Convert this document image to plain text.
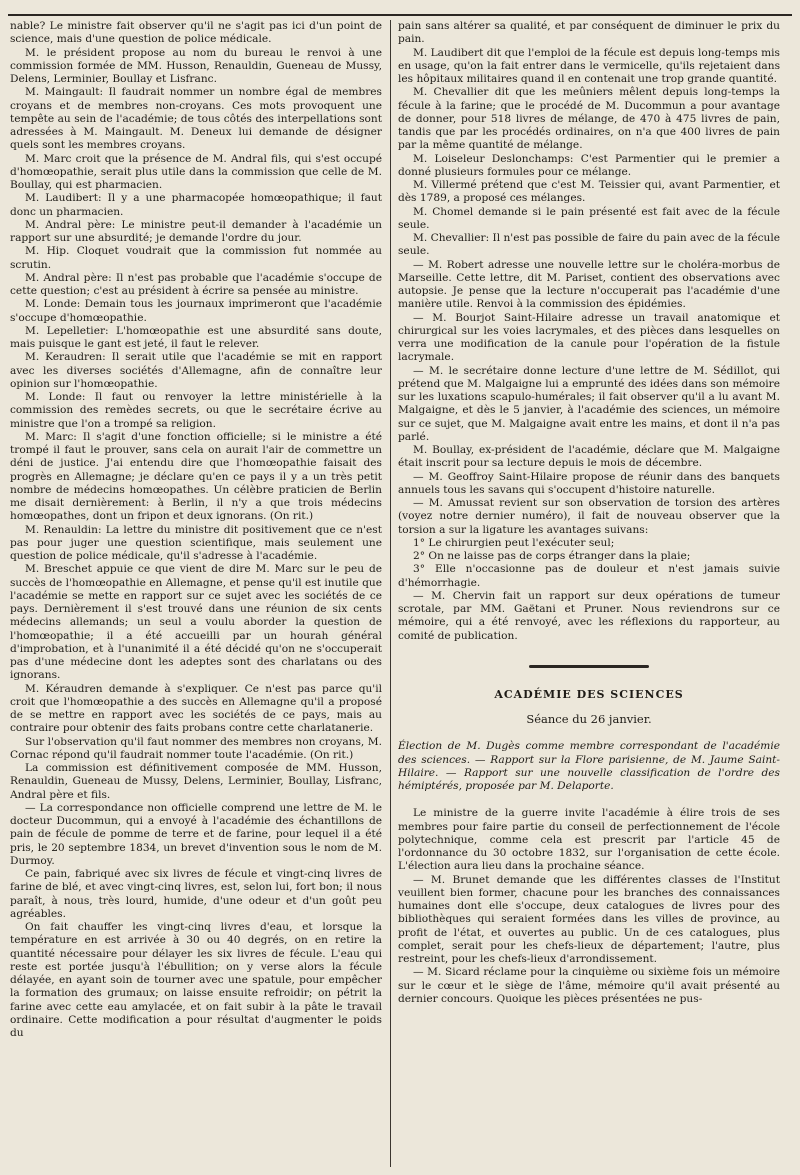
nable? Le ministre fait observer qu'il ne s'agit pas ici d'un point de science, mais d'une question de police médicale.

M. le président propose au nom du bureau le renvoi à une commission formée de MM. Husson, Renauldin, Gueneau de Mussy, Delens, Lerminier, Boullay et Lisfranc.

M. Maingault: Il faudrait nommer un nombre égal de membres croyans et de membres non-croyans. Ces mots provoquent une tempête au sein de l'académie; de tous côtés des interpellations sont adressées à M. Maingault. M. Deneux lui demande de désigner quels sont les membres croyans.

M. Marc croit que la présence de M. Andral fils, qui s'est occupé d'homœopathie, serait plus utile dans la commission que celle de M. Boullay, qui est pharmacien.

M. Laudibert: Il y a une pharmacopée homœopathique; il faut donc un pharmacien.

M. Andral père: Le ministre peut-il demander à l'académie un rapport sur une absurdité; je demande l'ordre du jour.

M. Hip. Cloquet voudrait que la commission fut nommée au scrutin.

M. Andral père: Il n'est pas probable que l'académie s'occupe de cette question; c'est au président à écrire sa pensée au ministre.

M. Londe: Demain tous les journaux imprimeront que l'académie s'occupe d'homœopathie.

M. Lepelletier: L'homœopathie est une absurdité sans doute, mais puisque le gant est jeté, il faut le relever.

M. Keraudren: Il serait utile que l'académie se mit en rapport avec les diverses sociétés d'Allemagne, afin de connaître leur opinion sur l'homœopathie.

M. Londe: Il faut ou renvoyer la lettre ministérielle à la commission des remèdes secrets, ou que le secrétaire écrive au ministre que l'on a trompé sa religion.

M. Marc: Il s'agit d'une fonction officielle; si le ministre a été trompé il faut le prouver, sans cela on aurait l'air de commettre un déni de justice. J'ai entendu dire que l'homœopathie faisait des progrès en Allemagne; je déclare qu'en ce pays il y a un très petit nombre de médecins homœopathes. Un célèbre praticien de Berlin me disait dernièrement: à Berlin, il n'y a que trois médecins homœopathes, dont un fripon et deux ignorans. (On rit.)

M. Renauldin: La lettre du ministre dit positivement que ce n'est pas pour juger une question scientifique, mais seulement une question de police médicale, qu'il s'adresse à l'académie.

M. Breschet appuie ce que vient de dire M. Marc sur le peu de succès de l'homœopathie en Allemagne, et pense qu'il est inutile que l'académie se mette en rapport sur ce sujet avec les sociétés de ce pays. Dernièrement il s'est trouvé dans une réunion de six cents médecins allemands; un seul a voulu aborder la question de l'homœopathie; il a été accueilli par un hourah général d'improbation, et à l'unanimité il a été décidé qu'on ne s'occuperait pas d'une médecine dont les adeptes sont des charlatans ou des ignorans.

M. Kéraudren demande à s'expliquer. Ce n'est pas parce qu'il croit que l'homœopathie a des succès en Allemagne qu'il a proposé de se mettre en rapport avec les sociétés de ce pays, mais au contraire pour obtenir des faits probans contre cette charlatanerie.

Sur l'observation qu'il faut nommer des membres non croyans, M. Cornac répond qu'il faudrait nommer toute l'académie. (On rit.)

La commission est définitivement composée de MM. Husson, Renauldin, Gueneau de Mussy, Delens, Lerminier, Boullay, Lisfranc, Andral père et fils.

— La correspondance non officielle comprend une lettre de M. le docteur Ducommun, qui a envoyé à l'académie des échantillons de pain de fécule de pomme de terre et de farine, pour lequel il a été pris, le 20 septembre 1834, un brevet d'invention sous le nom de M. Durmoy.

Ce pain, fabriqué avec six livres de fécule et vingt-cinq livres de farine de blé, et avec vingt-cinq livres, est, selon lui, fort bon; il nous paraît, à nous, très lourd, humide, d'une odeur et d'un goût peu agréables.

On fait chauffer les vingt-cinq livres d'eau, et lorsque la température en est arrivée à 30 ou 40 degrés, on en retire la quantité nécessaire pour délayer les six livres de fécule. L'eau qui reste est portée jusqu'à l'ébullition; on y verse alors la fécule délayée, en ayant soin de tourner avec une spatule, pour empêcher la formation des grumaux; on laisse ensuite refroidir; on pétrit la farine avec cette eau amylacée, et on fait subir à la pâte le travail ordinaire. Cette modification a pour résultat d'augmenter le poids du

pain sans altérer sa qualité, et par conséquent de diminuer le prix du pain.

M. Laudibert dit que l'emploi de la fécule est depuis long-temps mis en usage, qu'on la fait entrer dans le vermicelle, qu'ils rejetaient dans les hôpitaux militaires quand il en contenait une trop grande quantité.

M. Chevallier dit que les meûniers mêlent depuis long-temps la fécule à la farine; que le procédé de M. Ducommun a pour avantage de donner, pour 518 livres de mélange, de 470 à 475 livres de pain, tandis que par les procédés ordinaires, on n'a que 400 livres de pain par la même quantité de mélange.

M. Loiseleur Deslonchamps: C'est Parmentier qui le premier a donné plusieurs formules pour ce mélange.

M. Villermé prétend que c'est M. Teissier qui, avant Parmentier, et dès 1789, a proposé ces mélanges.

M. Chomel demande si le pain présenté est fait avec de la fécule seule.

M. Chevallier: Il n'est pas possible de faire du pain avec de la fécule seule.

— M. Robert adresse une nouvelle lettre sur le choléra-morbus de Marseille. Cette lettre, dit M. Pariset, contient des observations avec autopsie. Je pense que la lecture n'occuperait pas l'académie d'une manière utile. Renvoi à la commission des épidémies.

— M. Bourjot Saint-Hilaire adresse un travail anatomique et chirurgical sur les voies lacrymales, et des pièces dans lesquelles on verra une modification de la canule pour l'opération de la fistule lacrymale.

— M. le secrétaire donne lecture d'une lettre de M. Sédillot, qui prétend que M. Malgaigne lui a emprunté des idées dans son mémoire sur les luxations scapulo-humérales; il fait observer qu'il a lu avant M. Malgaigne, et dès le 5 janvier, à l'académie des sciences, un mémoire sur ce sujet, que M. Malgaigne avait entre les mains, et dont il n'a pas parlé.

M. Boullay, ex-président de l'académie, déclare que M. Malgaigne était inscrit pour sa lecture depuis le mois de décembre.

— M. Geoffroy Saint-Hilaire propose de réunir dans des banquets annuels tous les savans qui s'occupent d'histoire naturelle.

— M. Amussat revient sur son observation de torsion des artères (voyez notre dernier numéro), il fait de nouveau observer que la torsion a sur la ligature les avantages suivans:

1° Le chirurgien peut l'exécuter seul;

2° On ne laisse pas de corps étranger dans la plaie;

3° Elle n'occasionne pas de douleur et n'est jamais suivie d'hémorrhagie.

— M. Chervin fait un rapport sur deux opérations de tumeur scrotale, par MM. Gaëtani et Pruner. Nous reviendrons sur ce mémoire, qui a été renvoyé, avec les réflexions du rapporteur, au comité de publication.

ACADÉMIE DES SCIENCES
Séance du 26 janvier.

Élection de M. Dugès comme membre correspondant de l'académie des sciences. — Rapport sur la Flore parisienne, de M. Jaume Saint-Hilaire. — Rapport sur une nouvelle classification de l'ordre des hémiptérés, proposée par M. Delaporte.

Le ministre de la guerre invite l'académie à élire trois de ses membres pour faire partie du conseil de perfectionnement de l'école polytechnique, comme cela est prescrit par l'article 45 de l'ordonnance du 30 octobre 1832, sur l'organisation de cette école. L'élection aura lieu dans la prochaine séance.

— M. Brunet demande que les différentes classes de l'Institut veuillent bien former, chacune pour les branches des connaissances humaines dont elle s'occupe, deux catalogues de livres pour des bibliothèques qui seraient formées dans les villes de province, au profit de l'état, et ouvertes au public. Un de ces catalogues, plus complet, serait pour les chefs-lieux de département; l'autre, plus restreint, pour les chefs-lieux d'arrondissement.

— M. Sicard réclame pour la cinquième ou sixième fois un mémoire sur le cœur et le siège de l'âme, mémoire qu'il avait présenté au dernier concours. Quoique les pièces présentées ne pus-
